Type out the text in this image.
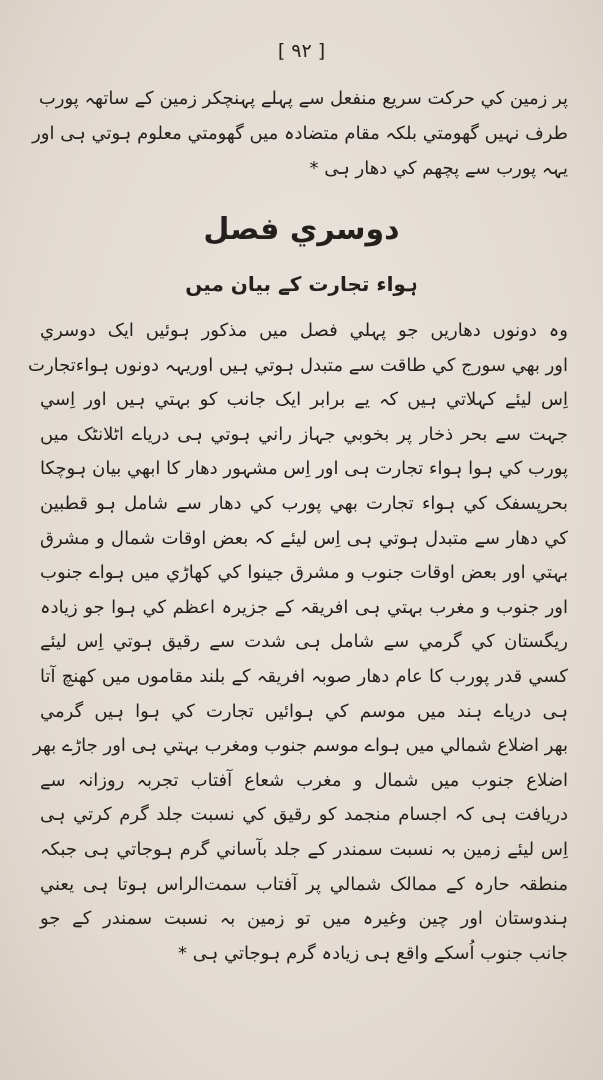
[ ۹۲ ]
پر زمين کي حرکت سريع منفعل سے پہلے پہنچکر زمين کے ساتھہ پورب
طرف نہيں گھومتي بلکہ مقام متضادہ ميں گھومتي معلوم ہوتي ہی اور
يہہ پورب سے پچھم کي دھار ہی *
دوسري فصل
ہواء تجارت کے بيان ميں
وہ دونوں دھاريں جو پہلي فصل ميں مذکور ہوئيں ايک دوسري
اور بهي سورج کي طاقت سے متبدل ہوتي ہيں اوريہہ دونوں ہواءتجارت
اِس ليئے کہلاتي ہيں کہ يے برابر ايک جانب کو بہتي ہيں اور اِسي
جہت سے بحر ذخار پر بخوبي جہاز راني ہوتي ہی درياے اٹلانٹک ميں
پورب کي ہوا ہواء تجارت ہی اور اِس مشہور دھار کا ابهي بيان ہوچکا
بحرپسفک کي ہواء تجارت بهي پورب کي دھار سے شامل ہو قطبين
کي دھار سے متبدل ہوتي ہی اِس ليئے کہ بعض اوقات شمال و مشرق
بہتي اور بعض اوقات جنوب و مشرق جينوا کي کھاڑي ميں ہواے جنوب
اور جنوب و مغرب بہتي ہی افريقہ کے جزيرہ اعظم کي ہوا جو زيادہ
ريگستان کي گرمي سے شامل ہی شدت سے رقيق ہوتي اِس ليئے
کسي قدر پورب کا عام دھار صوبہ افريقہ کے بلند مقاموں ميں کھنچ آتا
ہی درياے ہند ميں موسم کي ہوائيں تجارت کي ہوا ہيں گرمي
بهر اضلاع شمالي ميں ہواے موسم جنوب ومغرب بہتي ہی اور جاڑے بهر
اضلاع جنوب ميں شمال و مغرب شعاع آفتاب تجربہ روزانہ سے
دريافت ہی کہ اجسام منجمد کو رقيق کي نسبت جلد گرم کرتي ہی
اِس ليئے زمين بہ نسبت سمندر کے جلد بآساني گرم ہوجاتي ہی جبکہ
منطقہ حارہ کے ممالک شمالي پر آفتاب سمت‌الراس ہوتا ہی يعني
ہندوستان اور چين وغيرہ ميں تو زمين بہ نسبت سمندر کے جو
جانب جنوب اُسکے واقع ہی زيادہ گرم ہوجاتي ہی *
